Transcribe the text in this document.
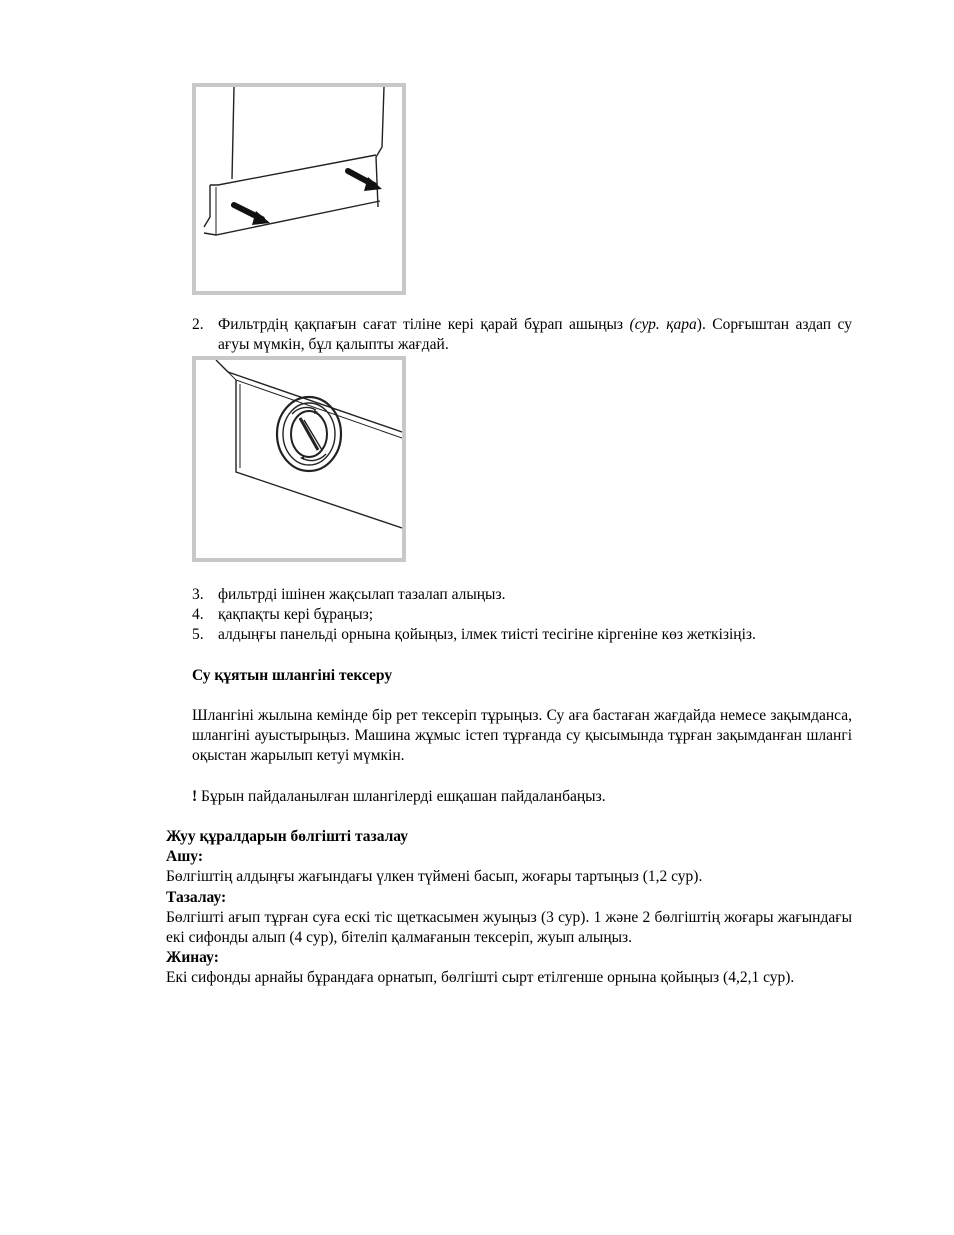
2. Фильтрдің қақпағын сағат тіліне кері қарай бұрап ашыңыз (сур. қара). Сорғыштан аздап су ағуы мүмкін, бұл қалыпты жағдай.
3. фильтрді ішінен жақсылап тазалап алыңыз.
4. қақпақты кері бұраңыз;
5. алдыңғы панельді орнына қойыңыз, ілмек тиісті тесігіне кіргеніне көз жеткізіңіз.
Су құятын шлангіні тексеру
Шлангіні жылына кемінде бір рет тексеріп тұрыңыз. Су аға бастаған жағдайда немесе зақымданса, шлангіні ауыстырыңыз. Машина жұмыс істеп тұрғанда су қысымында тұрған зақымданған шлангі оқыстан жарылып кетуі мүмкін.
! Бұрын пайдаланылған шлангілерді ешқашан пайдаланбаңыз.
Жуу құралдарын бөлгішті тазалау
Ашу:
Бөлгіштің алдыңғы жағындағы үлкен түймені басып, жоғары тартыңыз (1,2 сур).
Тазалау:
Бөлгішті ағып тұрған суға ескі тіс щеткасымен жуыңыз (3 сур). 1 және 2 бөлгіштің жоғары жағындағы екі сифонды алып (4 сур), бітеліп қалмағанын тексеріп, жуып алыңыз.
Жинау:
Екі сифонды арнайы бұрандаға орнатып, бөлгішті сырт етілгенше орнына қойыңыз (4,2,1 сур).
